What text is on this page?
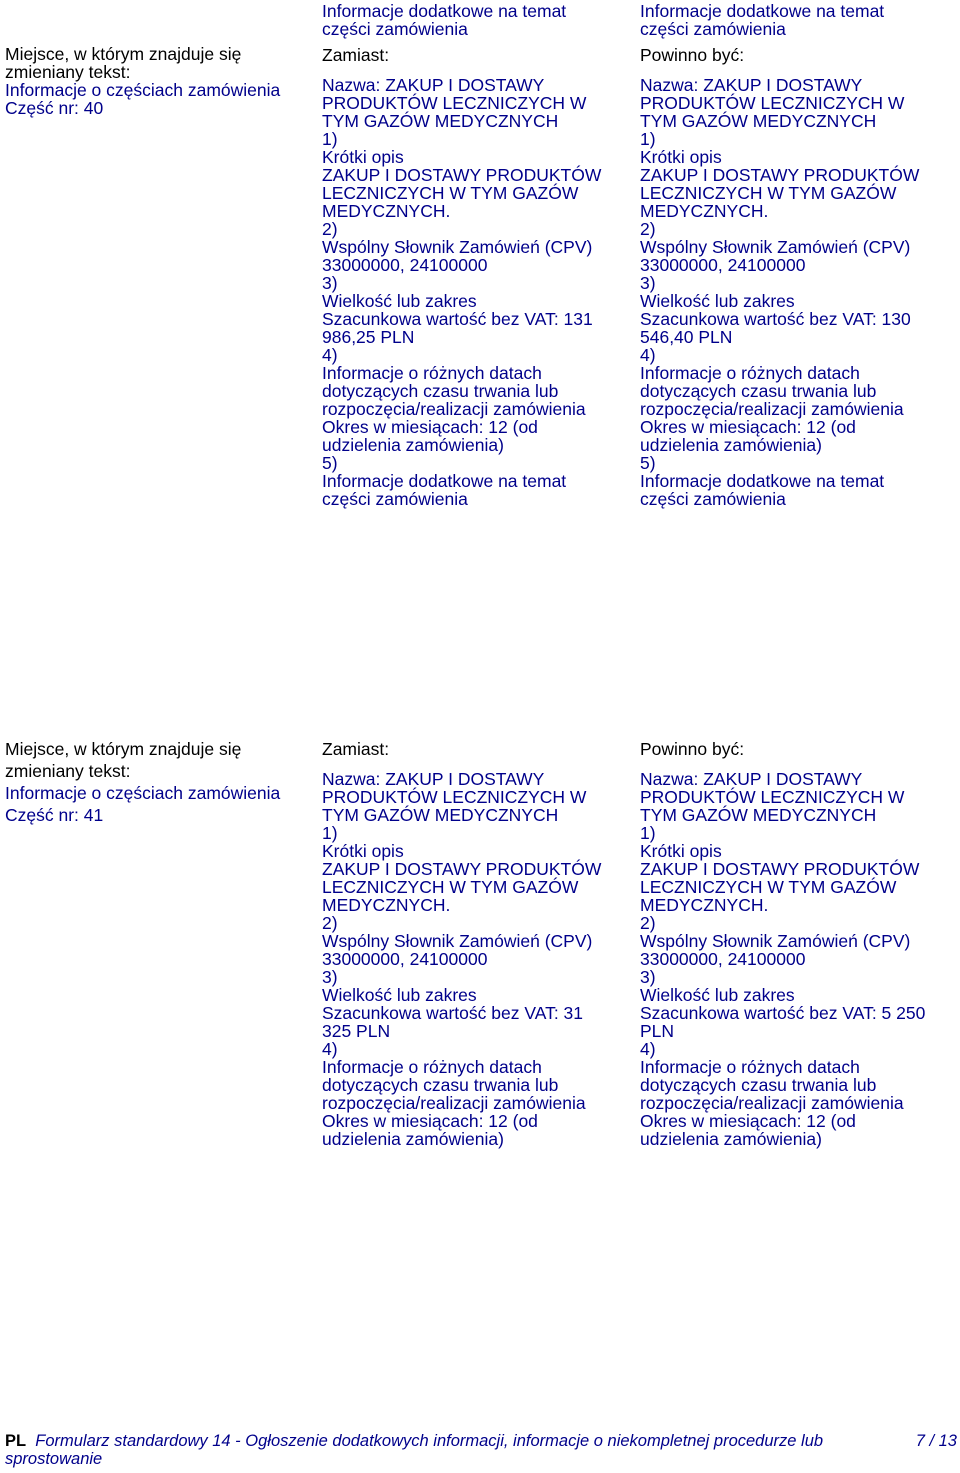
Miejsce, w którym znajduje się
zmieniany tekst:
Informacje o częściach zamówienia
Część nr: 40
Informacje dodatkowe na temat
części zamówienia
Zamiast:
Nazwa: ZAKUP I DOSTAWY
PRODUKTÓW LECZNICZYCH W
TYM GAZÓW MEDYCZNYCH
1)
Krótki opis
ZAKUP I DOSTAWY PRODUKTÓW
LECZNICZYCH W TYM GAZÓW
MEDYCZNYCH.
2)
Wspólny Słownik Zamówień (CPV)
33000000, 24100000
3)
Wielkość lub zakres
Szacunkowa wartość bez VAT: 131
986,25 PLN
4)
Informacje o różnych datach
dotyczących czasu trwania lub
rozpoczęcia/realizacji zamówienia
Okres w miesiącach: 12 (od
udzielenia zamówienia)
5)
Informacje dodatkowe na temat
części zamówienia
Informacje dodatkowe na temat
części zamówienia
Powinno być:
Nazwa: ZAKUP I DOSTAWY
PRODUKTÓW LECZNICZYCH W
TYM GAZÓW MEDYCZNYCH
1)
Krótki opis
ZAKUP I DOSTAWY PRODUKTÓW
LECZNICZYCH W TYM GAZÓW
MEDYCZNYCH.
2)
Wspólny Słownik Zamówień (CPV)
33000000, 24100000
3)
Wielkość lub zakres
Szacunkowa wartość bez VAT: 130
546,40 PLN
4)
Informacje o różnych datach
dotyczących czasu trwania lub
rozpoczęcia/realizacji zamówienia
Okres w miesiącach: 12 (od
udzielenia zamówienia)
5)
Informacje dodatkowe na temat
części zamówienia
Miejsce, w którym znajduje się
zmieniany tekst:
Informacje o częściach zamówienia
Część nr: 41
Zamiast:
Nazwa: ZAKUP I DOSTAWY
PRODUKTÓW LECZNICZYCH W
TYM GAZÓW MEDYCZNYCH
1)
Krótki opis
ZAKUP I DOSTAWY PRODUKTÓW
LECZNICZYCH W TYM GAZÓW
MEDYCZNYCH.
2)
Wspólny Słownik Zamówień (CPV)
33000000, 24100000
3)
Wielkość lub zakres
Szacunkowa wartość bez VAT: 31
325 PLN
4)
Informacje o różnych datach
dotyczących czasu trwania lub
rozpoczęcia/realizacji zamówienia
Okres w miesiącach: 12 (od
udzielenia zamówienia)
Powinno być:
Nazwa: ZAKUP I DOSTAWY
PRODUKTÓW LECZNICZYCH W
TYM GAZÓW MEDYCZNYCH
1)
Krótki opis
ZAKUP I DOSTAWY PRODUKTÓW
LECZNICZYCH W TYM GAZÓW
MEDYCZNYCH.
2)
Wspólny Słownik Zamówień (CPV)
33000000, 24100000
3)
Wielkość lub zakres
Szacunkowa wartość bez VAT: 5 250
PLN
4)
Informacje o różnych datach
dotyczących czasu trwania lub
rozpoczęcia/realizacji zamówienia
Okres w miesiącach: 12 (od
udzielenia zamówienia)
PL Formularz standardowy 14 - Ogłoszenie dodatkowych informacji, informacje o niekompletnej procedurze lub sprostowanie
7 / 13
